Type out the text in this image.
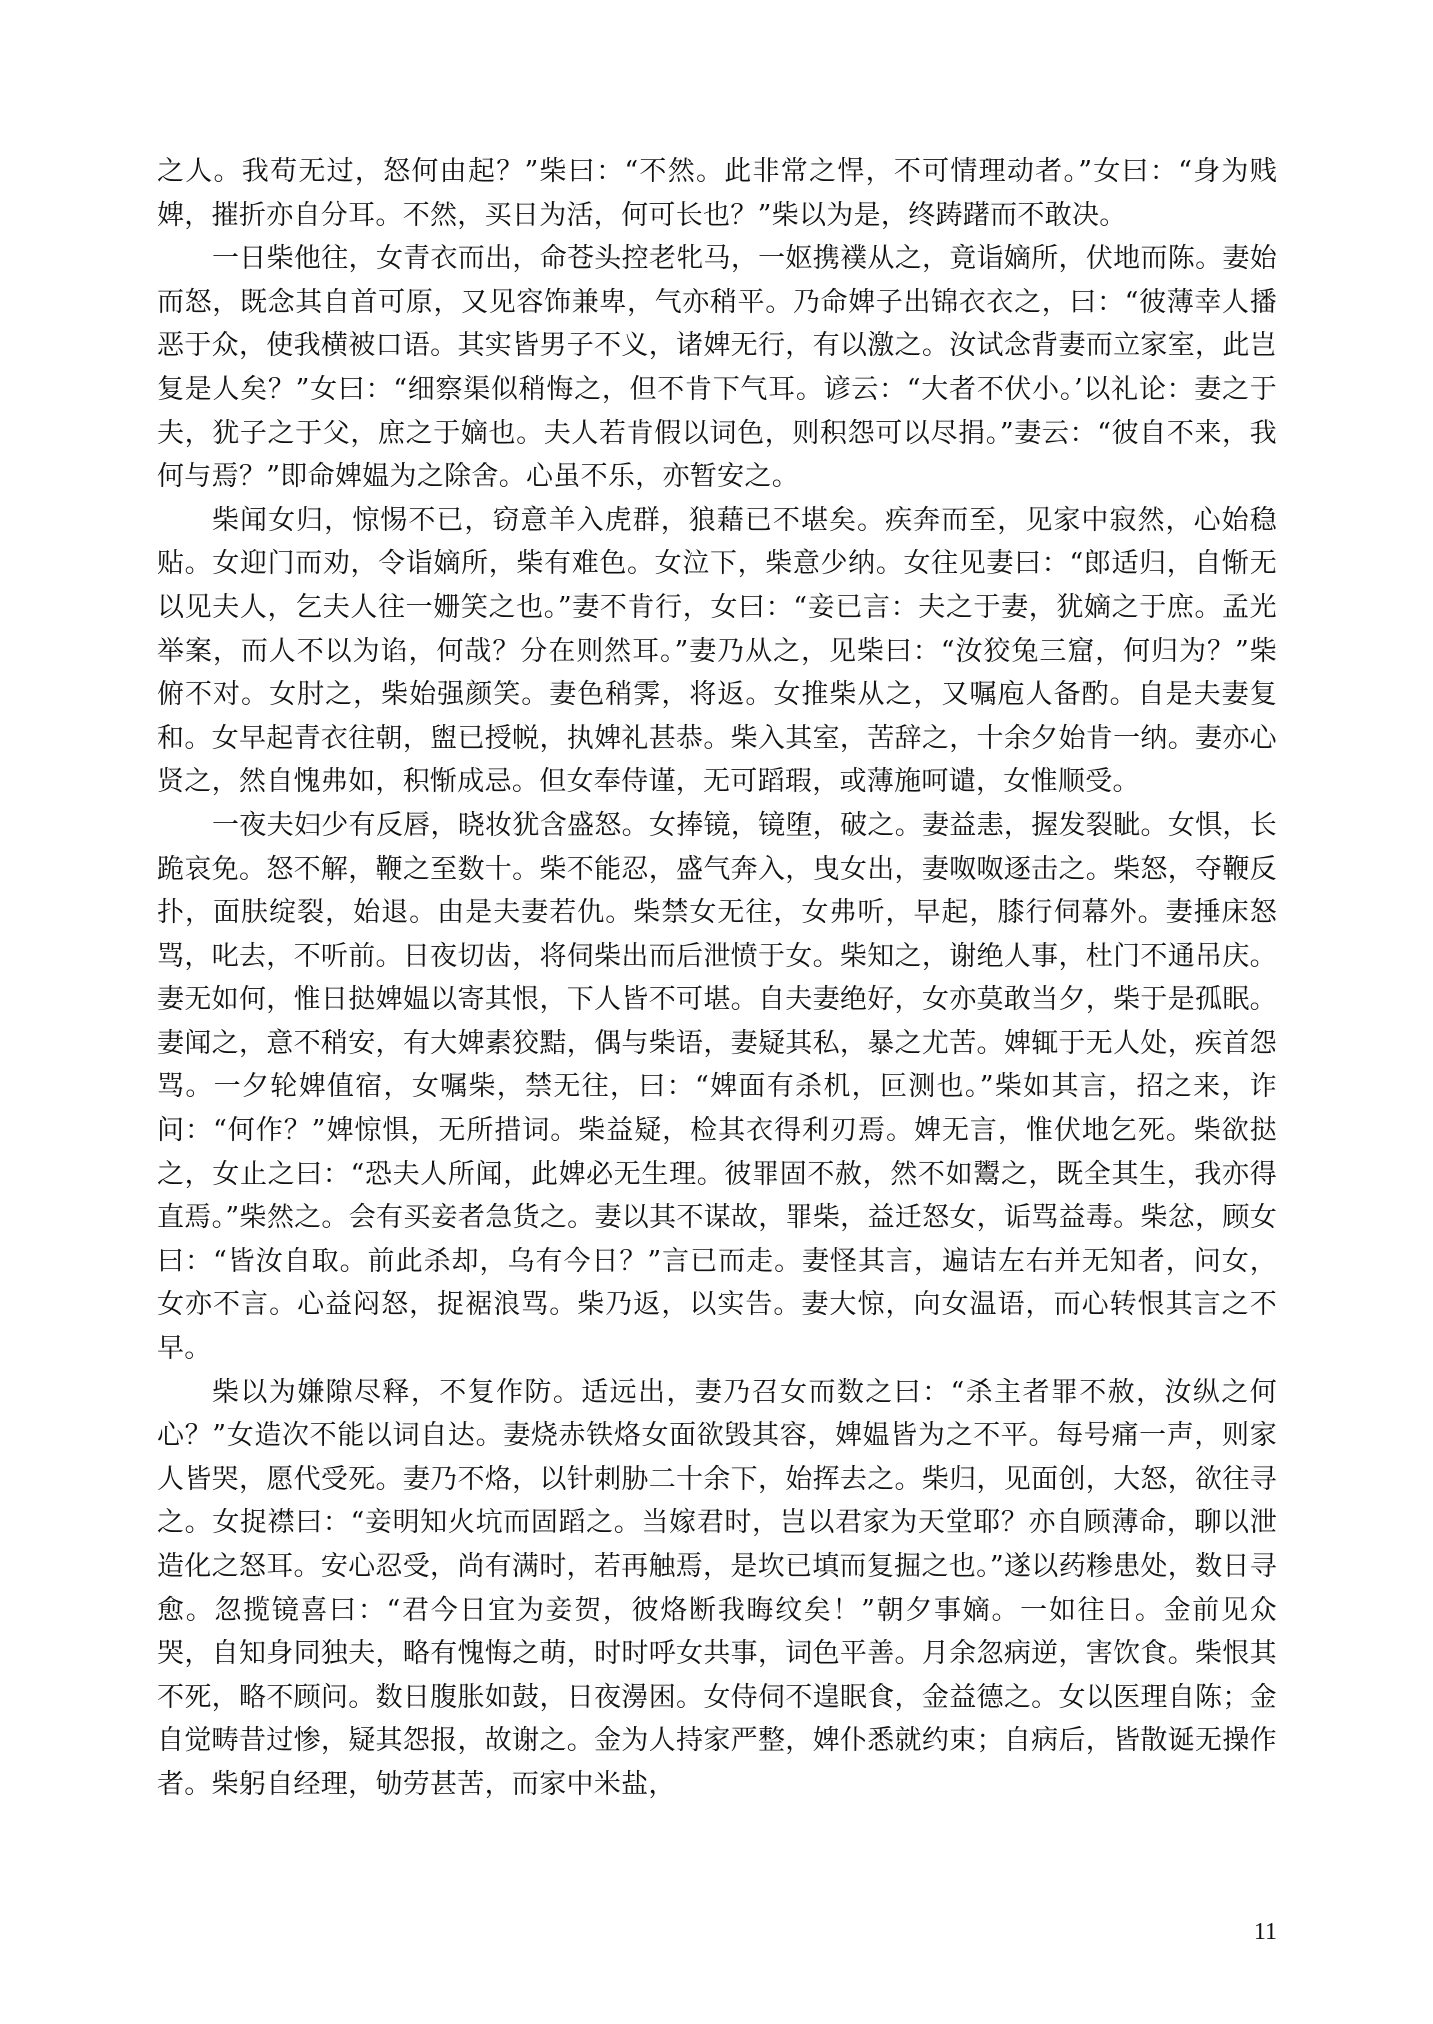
之人。我苟无过，怒何由起？”柴曰：“不然。此非常之悍，不可情理动者。”女曰：“身为贱婢，摧折亦自分耳。不然，买日为活，何可长也？”柴以为是，终踌躇而不敢决。

一日柴他往，女青衣而出，命苍头控老牝马，一妪携襆从之，竟诣嫡所，伏地而陈。妻始而怒，既念其自首可原，又见容饰兼卑，气亦稍平。乃命婢子出锦衣衣之，曰：“彼薄幸人播恶于众，使我横被口语。其实皆男子不义，诸婢无行，有以激之。汝试念背妻而立家室，此岂复是人矣？”女曰：“细察渠似稍悔之，但不肯下气耳。谚云：“大者不伏小。’以礼论：妻之于夫，犹子之于父，庶之于嫡也。夫人若肯假以词色，则积怨可以尽捐。”妻云：“彼自不来，我何与焉？”即命婢媪为之除舍。心虽不乐，亦暂安之。

柴闻女归，惊惕不已，窃意羊入虎群，狼藉已不堪矣。疾奔而至，见家中寂然，心始稳贴。女迎门而劝，令诣嫡所，柴有难色。女泣下，柴意少纳。女往见妻曰：“郎适归，自惭无以见夫人，乞夫人往一姗笑之也。”妻不肯行，女曰：“妾已言：夫之于妻，犹嫡之于庶。孟光举案，而人不以为谄，何哉？分在则然耳。”妻乃从之，见柴曰：“汝狡兔三窟，何归为？”柴俯不对。女肘之，柴始强颜笑。妻色稍霁，将返。女推柴从之，又嘱庖人备酌。自是夫妻复和。女早起青衣往朝，盥已授帨，执婢礼甚恭。柴入其室，苦辞之，十余夕始肯一纳。妻亦心贤之，然自愧弗如，积惭成忌。但女奉侍谨，无可蹈瑕，或薄施呵谴，女惟顺受。

一夜夫妇少有反唇，晓妆犹含盛怒。女捧镜，镜堕，破之。妻益恚，握发裂眦。女惧，长跪哀免。怒不解，鞭之至数十。柴不能忍，盛气奔入，曳女出，妻呶呶逐击之。柴怒，夺鞭反扑，面肤绽裂，始退。由是夫妻若仇。柴禁女无往，女弗听，早起，膝行伺幕外。妻捶床怒骂，叱去，不听前。日夜切齿，将伺柴出而后泄愤于女。柴知之，谢绝人事，杜门不通吊庆。妻无如何，惟日挞婢媪以寄其恨，下人皆不可堪。自夫妻绝好，女亦莫敢当夕，柴于是孤眠。妻闻之，意不稍安，有大婢素狡黠，偶与柴语，妻疑其私，暴之尤苦。婢辄于无人处，疾首怨骂。一夕轮婢值宿，女嘱柴，禁无往，曰：“婢面有杀机，叵测也。”柴如其言，招之来，诈问：“何作？”婢惊惧，无所措词。柴益疑，检其衣得利刃焉。婢无言，惟伏地乞死。柴欲挞之，女止之曰：“恐夫人所闻，此婢必无生理。彼罪固不赦，然不如鬻之，既全其生，我亦得直焉。”柴然之。会有买妾者急货之。妻以其不谋故，罪柴，益迁怒女，诟骂益毒。柴忿，顾女曰：“皆汝自取。前此杀却，乌有今日？”言已而走。妻怪其言，遍诘左右并无知者，问女，女亦不言。心益闷怒，捉裾浪骂。柴乃返，以实告。妻大惊，向女温语，而心转恨其言之不早。

柴以为嫌隙尽释，不复作防。适远出，妻乃召女而数之曰：“杀主者罪不赦，汝纵之何心？”女造次不能以词自达。妻烧赤铁烙女面欲毁其容，婢媪皆为之不平。每号痛一声，则家人皆哭，愿代受死。妻乃不烙，以针刺胁二十余下，始挥去之。柴归，见面创，大怒，欲往寻之。女捉襟曰：“妾明知火坑而固蹈之。当嫁君时，岂以君家为天堂耶？亦自顾薄命，聊以泄造化之怒耳。安心忍受，尚有满时，若再触焉，是坎已填而复掘之也。”遂以药糁患处，数日寻愈。忽揽镜喜曰：“君今日宜为妾贺，彼烙断我晦纹矣！”朝夕事嫡。一如往日。金前见众哭，自知身同独夫，略有愧悔之萌，时时呼女共事，词色平善。月余忽病逆，害饮食。柴恨其不死，略不顾问。数日腹胀如鼓，日夜澷困。女侍伺不遑眠食，金益德之。女以医理自陈；金自觉畴昔过惨，疑其怨报，故谢之。金为人持家严整，婢仆悉就约束；自病后，皆散诞无操作者。柴躬自经理，劬劳甚苦，而家中米盐，

11
